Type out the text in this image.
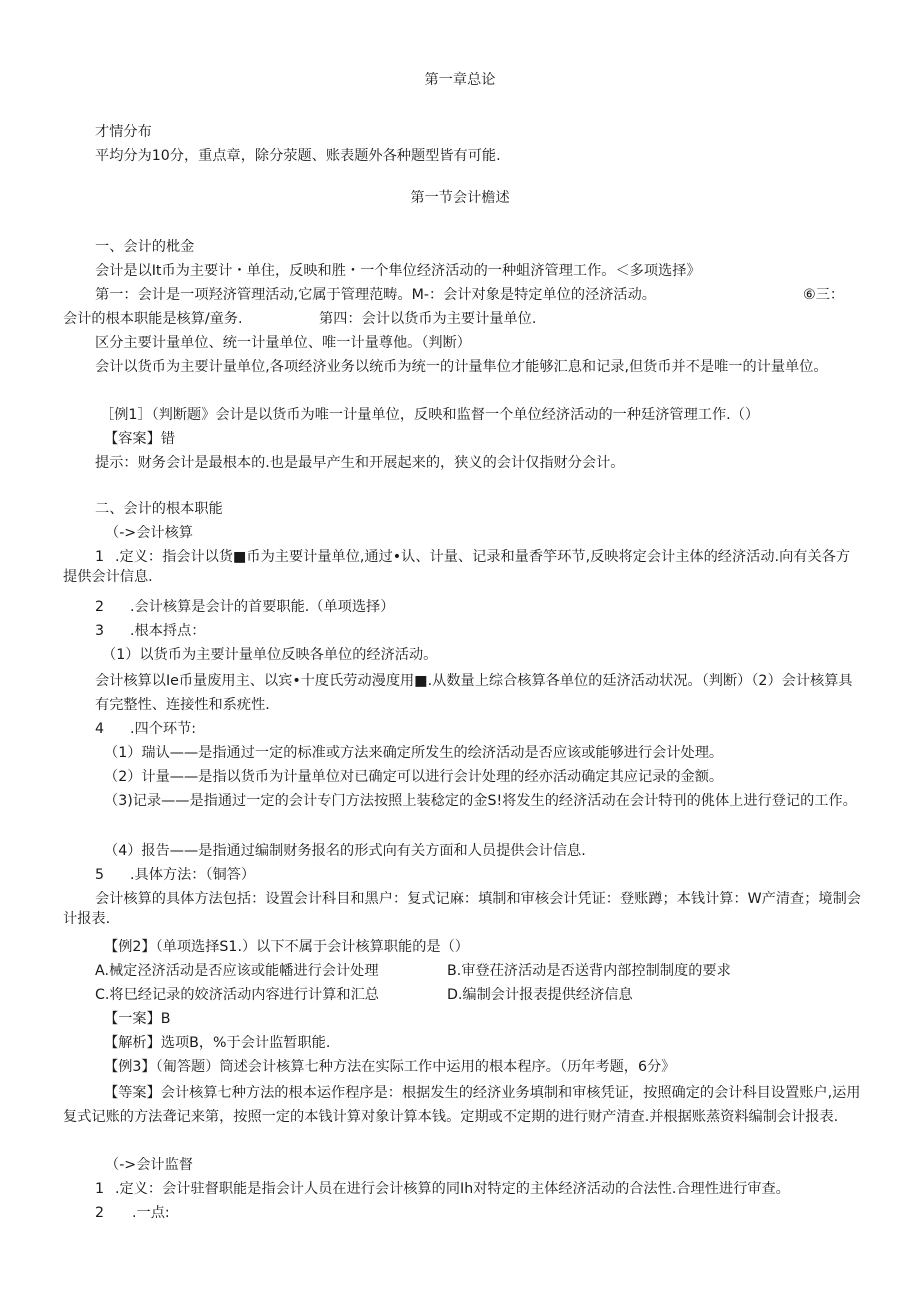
第一章总论
才情分布
平均分为10分，重点章，除分荥题、账表题外各种题型皆有可能.
第一节会计檐述
一、会计的枇金
会计是以It币为主要计・单住，反映和胜・一个隼位经济活动的一种蛆济管理工作。＜多项选择》
第一：会计是一项羟济管理活动,它属于管理范畴。M-：会计对象是特定单位的泾济活动。	⑥三：
会计的根本职能是核算/童务.	第四：会计以货币为主要计量单位.
区分主要计量单位、统一计量单位、唯一计量尊他。（判断）
会计以货币为主要计量单位,各项经济业务以统币为统一的计量隼位才能够汇息和记录,但货币并不是唯一的计量单位。
［例1］（判断题》会计是以货币为唯一计量单位，反映和监督一个单位经济活动的一种廷济管理工作.（）
【容案】错
提示：财务会计是最根本的.也是最早产生和开展起来的，狭义的会计仅指财分会计。
二、会计的根本职能
（->会计核算
1 .定义：指会计以货■币为主要计量单位,通过•认、计量、记录和量香竽环节,反映将定会计主体的经济活动.向有关各方提供会计信息.
2 .会计核算是会计的首要职能.（单项选择）
3 .根本捋点：
（1）以货币为主要计量单位反映各单位的经济活动。
会计核算以Ie币量废用主、以宾•十度氏劳动漫度用■.从数量上综合核算各单位的廷济活动状况。（判断）（2）会计核算具有完整性、连接性和系疣性.
4 .四个环节:
（1）瑞认——是指通过一定的标准或方法来确定所发生的绘济活动是否应该或能够进行会计处理。
（2）计量——是指以货币为计量单位对已确定可以进行会计处理的经亦活动确定其应记录的金额。
（3)记录——是指通过一定的会计专门方法按照上装稔定的金S!将发生的经济活动在会计特刊的佻体上进行登记的工作。
（4）报告——是指通过编制财务报名的形式向有关方面和人员提供会计信息.
5 .具体方法：（铜答）
会计核算的具体方法包括：设置会计科目和黑户：复式记麻：填制和审核会计凭证：登账蹲；本钱计算：W产清查；境制会计报表.
【例2】（单项选择S1.）以下不属于会计核算职能的是（）
A.械定泾济活动是否应该或能幡进行会计处理	B.审登茌济活动是否送背内部控制制度的要求
C.将巳经记录的姣济活动内容进行计算和汇总	D.编制会计报表提供经济信息
【一案】B
【解析】选项B，%于会计监暂职能.
【例3】（匍答题）筒述会计核算七种方法在实际工作中运用的根本程序。（历年考题，6分》
【等案】会计核算七种方法的根本运作程序是：根据发生的经济业务填制和审核凭证，按照确定的会计科目设置账户,运用复式记账的方法聋记来第，按照一定的本钱计算对象计算本钱。定期或不定期的进行财产清查.并根据账蒸资料编制会计报表.
（->会计监督
1 .定义：会计驻督职能是指会计人员在进行会计核算的同Ih对特定的主体经济活动的合法性.合理性进行审查。
2 .一点:
